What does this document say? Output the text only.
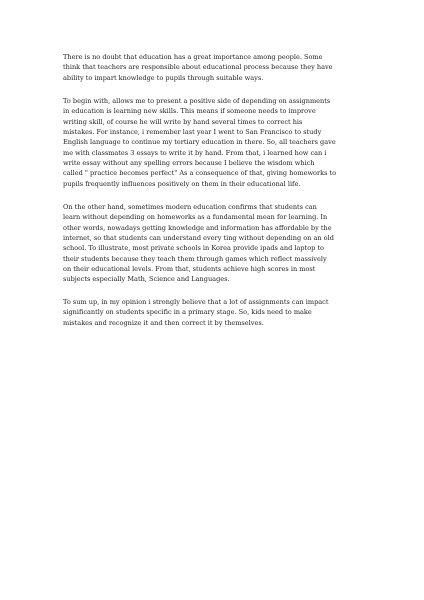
There is no doubt that education has a great importance among people. Some
think that teachers are responsible about educational process because they have
ability to impart knowledge to pupils through suitable ways.
To begin with, allows me to present a positive side of depending on assignments
in education is learning new skills. This means if someone needs to improve
writing skill, of course he will write by hand several times to correct his
mistakes. For instance, i remember last year I went to San Francisco to study
English language to continue my tertiary education in there. So, all teachers gave
me with classmates 3 essays to write it by hand. From that, i learned how can i
write essay without any spelling errors because I believe the wisdom which
called " practice becomes perfect" As a consequence of that, giving homeworks to
pupils frequently influences positively on them in their educational life.
On the other hand, sometimes modern education confirms that students can
learn without depending on homeworks as a fundamental mean for learning. In
other words, nowadays getting knowledge and information has affordable by the
internet, so that students can understand every ting without depending on an old
school. To illustrate, most private schools in Korea provide ipads and laptop to
their students because they teach them through games which reflect massively
on their educational levels. From that, students achieve high scores in most
subjects especially Math, Science and Languages.
To sum up, in my opinion i strongly believe that a lot of assignments can impact
significantly on students specific in a primary stage. So, kids need to make
mistakes and recognize it and then correct it by themselves.
